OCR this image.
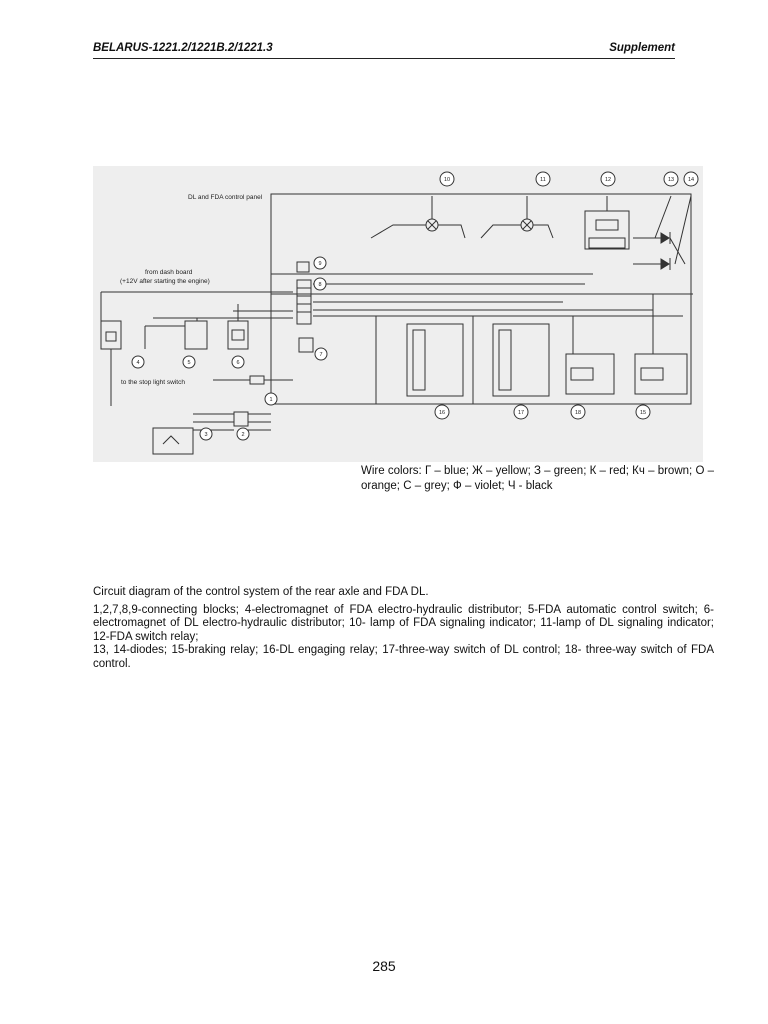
BELARUS-1221.2/1221B.2/1221.3	Supplement
10	11	12	13	14
9
8
7
1
2
3
4	5	6
16	17	18	15
DL and FDA control panel
from dash board
(+12V after starting the engine)
to the stop light switch
Wire colors: Г – blue; Ж – yellow; З – green; К – red; Кч – brown; О – orange; С – grey; Ф – violet; Ч - black

Circuit diagram of the control system of the rear axle and FDA DL.

1,2,7,8,9-connecting blocks; 4-electromagnet of FDA electro-hydraulic distributor; 5-FDA automatic control switch; 6-electromagnet of DL electro-hydraulic distributor; 10- lamp of FDA signaling indicator; 11-lamp of DL signaling indicator; 12-FDA switch relay;

13, 14-diodes; 15-braking relay; 16-DL engaging relay; 17-three-way switch of DL control; 18- three-way switch of FDA control.

285
